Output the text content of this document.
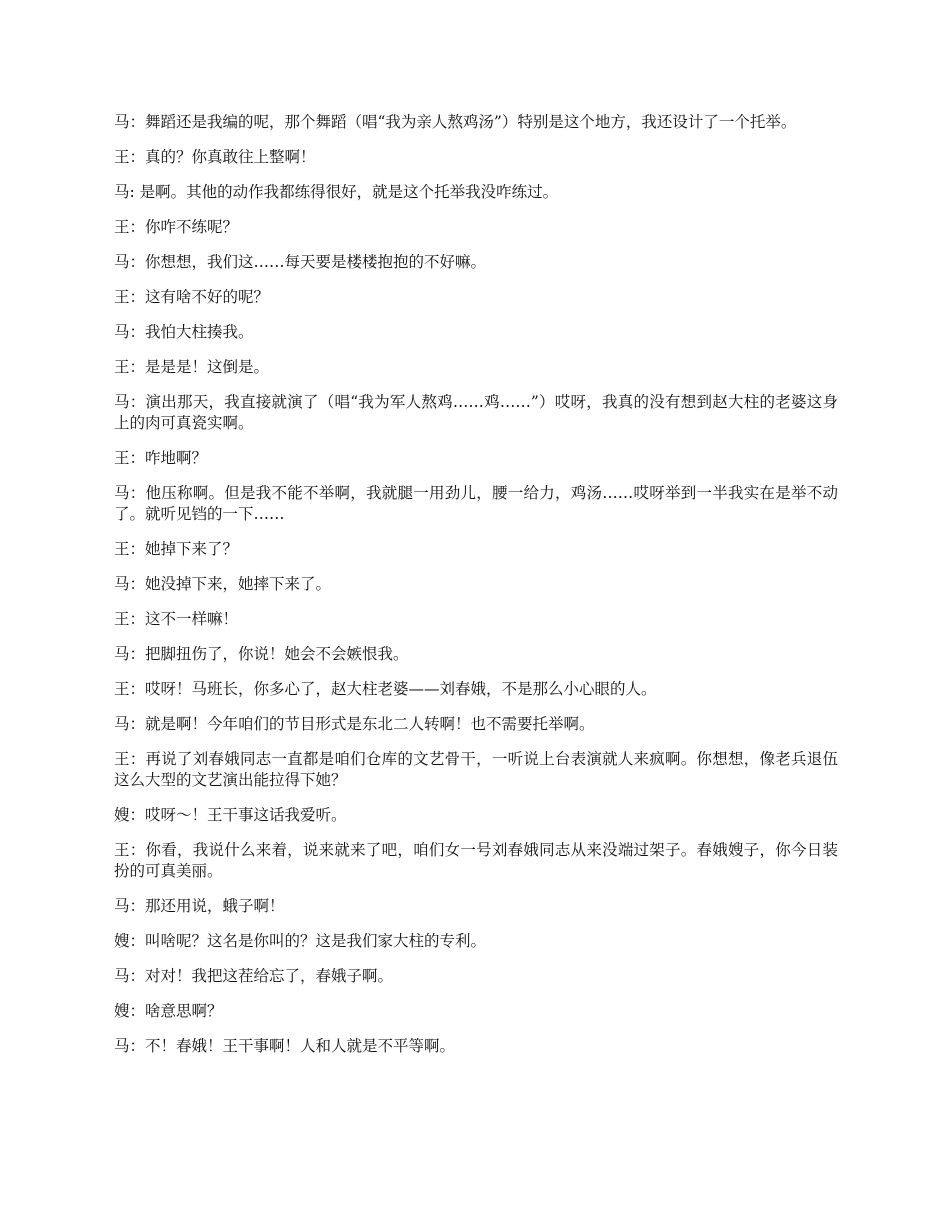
马：舞蹈还是我编的呢，那个舞蹈（唱“我为亲人熬鸡汤”）特别是这个地方，我还设计了一个托举。

王：真的？你真敢往上整啊！

马: 是啊。其他的动作我都练得很好，就是这个托举我没咋练过。

王：你咋不练呢？

马：你想想，我们这……每天要是楼楼抱抱的不好嘛。

王：这有啥不好的呢？

马：我怕大柱揍我。

王：是是是！这倒是。

马：演出那天，我直接就演了（唱“我为军人熬鸡……鸡……”）哎呀，我真的没有想到赵大柱的老婆这身上的肉可真瓷实啊。

王：咋地啊？

马：他压称啊。但是我不能不举啊，我就腿一用劲儿，腰一给力，鸡汤……哎呀举到一半我实在是举不动了。就听见铛的一下……

王：她掉下来了？

马：她没掉下来，她摔下来了。

王：这不一样嘛！

马：把脚扭伤了，你说！她会不会嫉恨我。

王：哎呀！马班长，你多心了，赵大柱老婆——刘春娥，不是那么小心眼的人。

马：就是啊！今年咱们的节目形式是东北二人转啊！也不需要托举啊。

王：再说了刘春娥同志一直都是咱们仓库的文艺骨干，一听说上台表演就人来疯啊。你想想，像老兵退伍这么大型的文艺演出能拉得下她？

嫂：哎呀～！王干事这话我爱听。

王：你看，我说什么来着，说来就来了吧，咱们女一号刘春娥同志从来没端过架子。春娥嫂子，你今日装扮的可真美丽。

马：那还用说，蛾子啊！

嫂：叫啥呢？这名是你叫的？这是我们家大柱的专利。

马：对对！我把这茬给忘了，春娥子啊。

嫂：啥意思啊？

马：不！春娥！王干事啊！人和人就是不平等啊。
